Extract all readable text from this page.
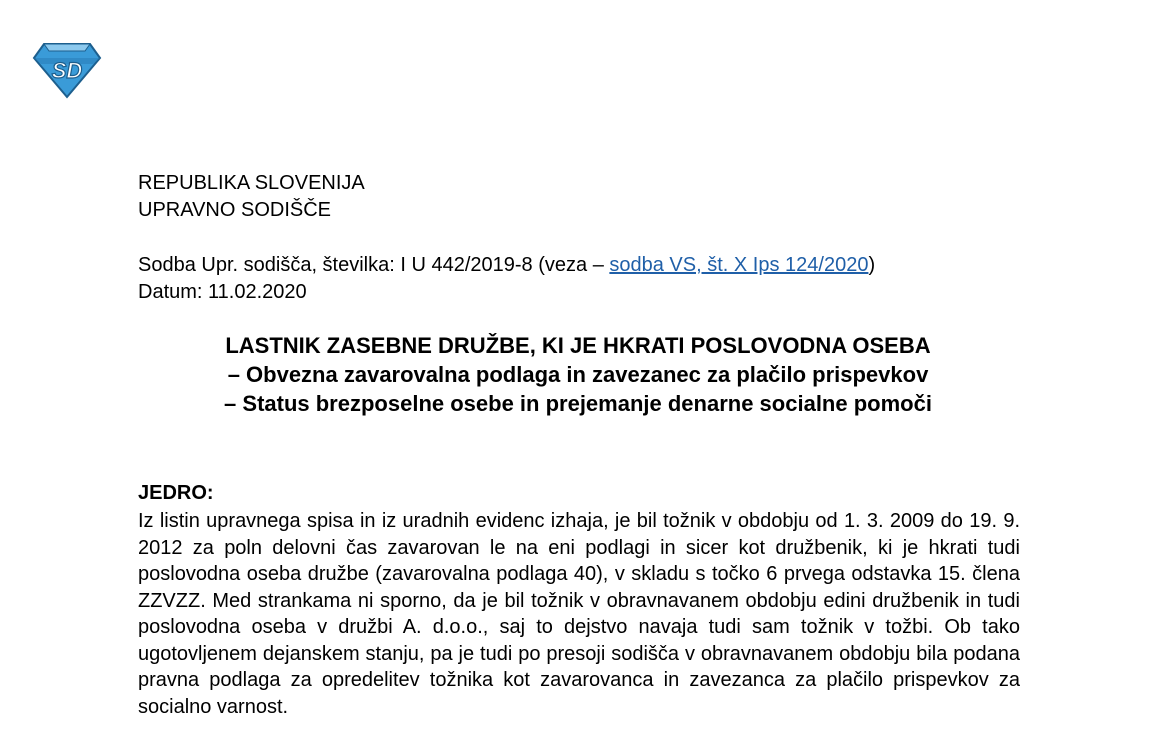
SD
REPUBLIKA SLOVENIJA
UPRAVNO SODIŠČE
Sodba Upr. sodišča, številka: I U 442/2019-8 (veza – sodba VS, št. X Ips 124/2020)
Datum: 11.02.2020
LASTNIK ZASEBNE DRUŽBE, KI JE HKRATI POSLOVODNA OSEBA
– Obvezna zavarovalna podlaga in zavezanec za plačilo prispevkov
– Status brezposelne osebe in prejemanje denarne socialne pomoči
JEDRO:
Iz listin upravnega spisa in iz uradnih evidenc izhaja, je bil tožnik v obdobju od 1. 3. 2009 do 19. 9. 2012 za poln delovni čas zavarovan le na eni podlagi in sicer kot družbenik, ki je hkrati tudi poslovodna oseba družbe (zavarovalna podlaga 40), v skladu s točko 6 prvega odstavka 15. člena ZZVZZ. Med strankama ni sporno, da je bil tožnik v obravnavanem obdobju edini družbenik in tudi poslovodna oseba v družbi A. d.o.o., saj to dejstvo navaja tudi sam tožnik v tožbi. Ob tako ugotovljenem dejanskem stanju, pa je tudi po presoji sodišča v obravnavanem obdobju bila podana pravna podlaga za opredelitev tožnika kot zavarovanca in zavezanca za plačilo prispevkov za socialno varnost.
